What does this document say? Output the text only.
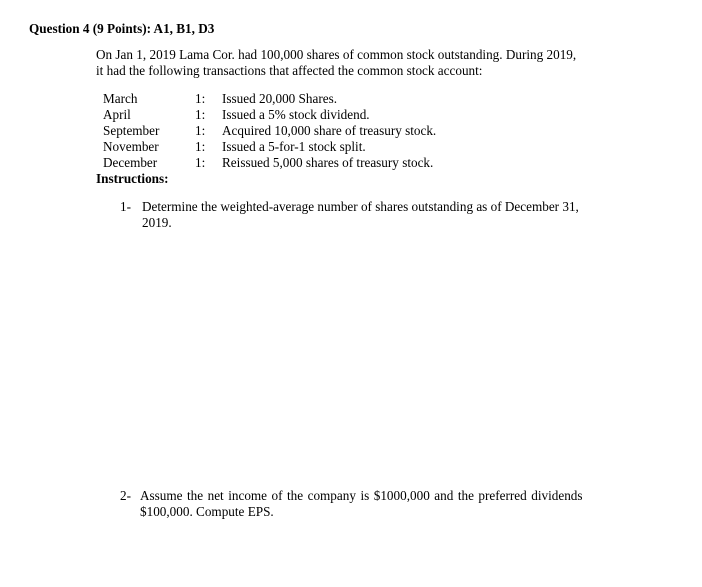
Question 4 (9 Points): A1, B1, D3
On Jan 1, 2019 Lama Cor. had 100,000 shares of common stock outstanding. During 2019,
it had the following transactions that affected the common stock account:
March	1: Issued 20,000 Shares.
April	1: Issued a 5% stock dividend.
September	1: Acquired 10,000 share of treasury stock.
November	1: Issued a 5-for-1 stock split.
December	1: Reissued 5,000 shares of treasury stock.
Instructions:
1- Determine the weighted-average number of shares outstanding as of December 31,
2019.
2- Assume the net income of the company is $1000,000 and the preferred dividends
$100,000. Compute EPS.
